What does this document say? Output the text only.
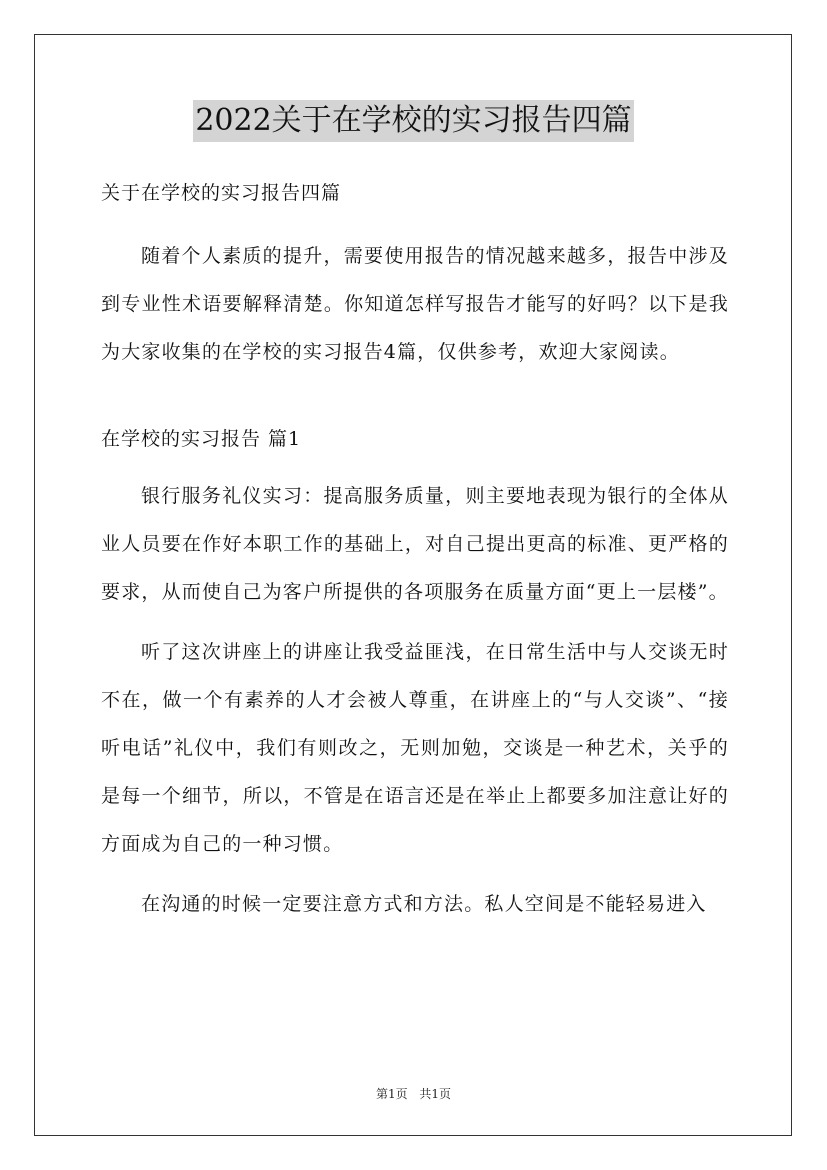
2022关于在学校的实习报告四篇

关于在学校的实习报告四篇

随着个人素质的提升，需要使用报告的情况越来越多，报告中涉及到专业性术语要解释清楚。你知道怎样写报告才能写的好吗？以下是我为大家收集的在学校的实习报告4篇，仅供参考，欢迎大家阅读。

在学校的实习报告 篇1

银行服务礼仪实习：提高服务质量，则主要地表现为银行的全体从业人员要在作好本职工作的基础上，对自己提出更高的标准、更严格的要求，从而使自己为客户所提供的各项服务在质量方面“更上一层楼”。

听了这次讲座上的讲座让我受益匪浅，在日常生活中与人交谈无时不在，做一个有素养的人才会被人尊重，在讲座上的“与人交谈”、“接听电话”礼仪中，我们有则改之，无则加勉，交谈是一种艺术，关乎的是每一个细节，所以，不管是在语言还是在举止上都要多加注意让好的方面成为自己的一种习惯。

在沟通的时候一定要注意方式和方法。私人空间是不能轻易进入

第1页 共1页
